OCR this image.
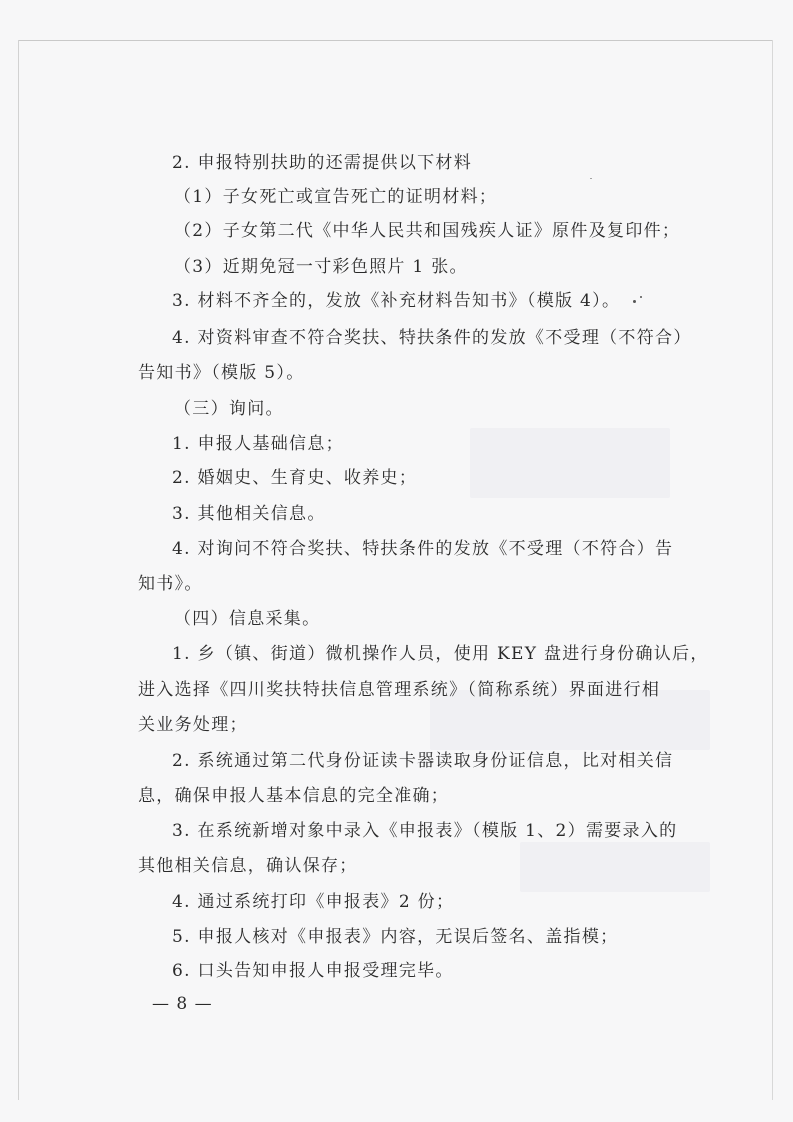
2. 申报特别扶助的还需提供以下材料
（1）子女死亡或宣告死亡的证明材料；
（2）子女第二代《中华人民共和国残疾人证》原件及复印件；
（3）近期免冠一寸彩色照片 1 张。
3. 材料不齐全的，发放《补充材料告知书》（模版 4）。
4. 对资料审查不符合奖扶、特扶条件的发放《不受理（不符合）
告知书》（模版 5）。
（三）询问。
1. 申报人基础信息；
2. 婚姻史、生育史、收养史；
3. 其他相关信息。
4. 对询问不符合奖扶、特扶条件的发放《不受理（不符合）告
知书》。
（四）信息采集。
1. 乡（镇、街道）微机操作人员，使用 KEY 盘进行身份确认后，
进入选择《四川奖扶特扶信息管理系统》（简称系统）界面进行相
关业务处理；
2. 系统通过第二代身份证读卡器读取身份证信息，比对相关信
息，确保申报人基本信息的完全准确；
3. 在系统新增对象中录入《申报表》（模版 1、2）需要录入的
其他相关信息，确认保存；
4. 通过系统打印《申报表》2 份；
5. 申报人核对《申报表》内容，无误后签名、盖指模；
6. 口头告知申报人申报受理完毕。
— 8 —
